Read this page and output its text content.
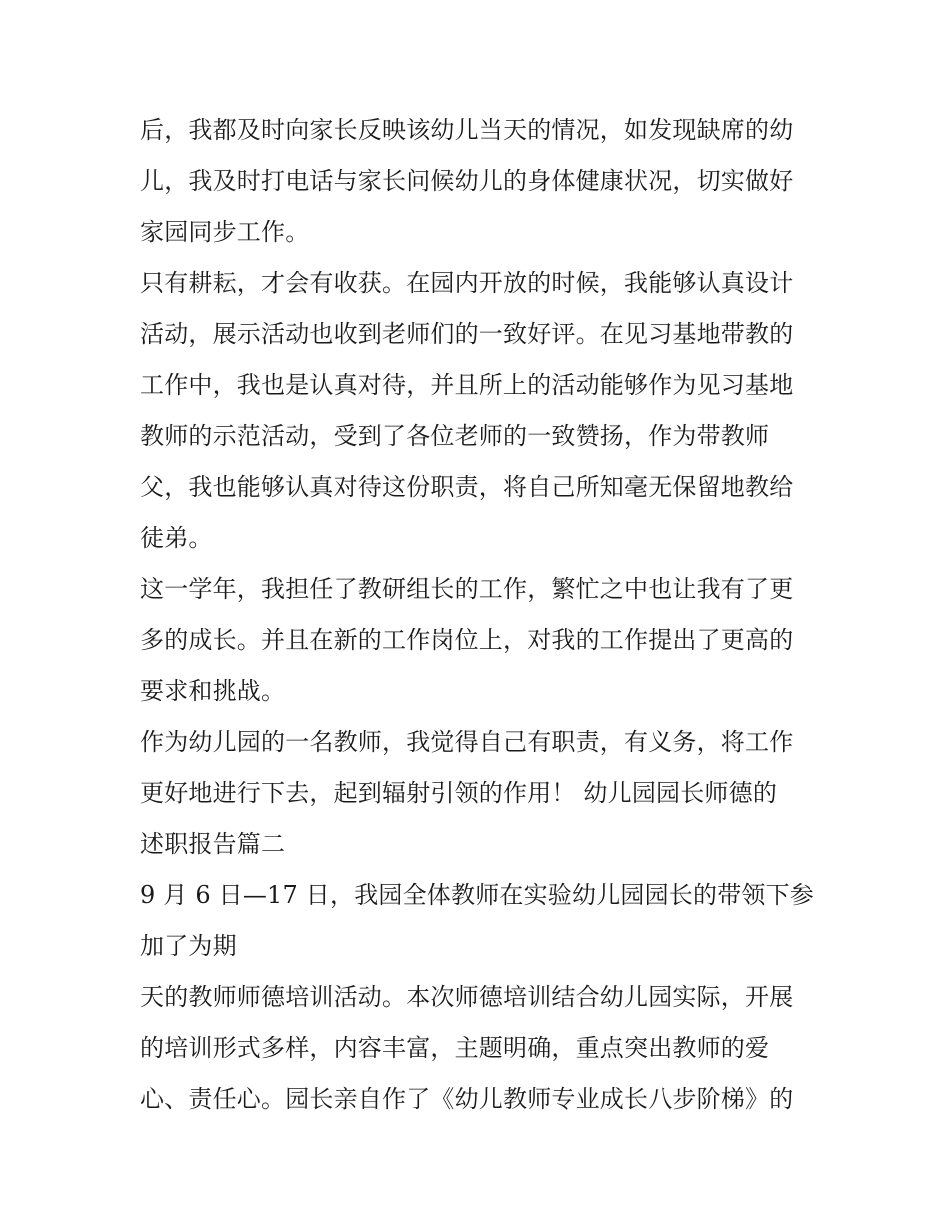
后，我都及时向家长反映该幼儿当天的情况，如发现缺席的幼
儿，我及时打电话与家长问候幼儿的身体健康状况，切实做好
家园同步工作。
只有耕耘，才会有收获。在园内开放的时候，我能够认真设计
活动，展示活动也收到老师们的一致好评。在见习基地带教的
工作中，我也是认真对待，并且所上的活动能够作为见习基地
教师的示范活动，受到了各位老师的一致赞扬，作为带教师
父，我也能够认真对待这份职责，将自己所知毫无保留地教给
徒弟。
这一学年，我担任了教研组长的工作，繁忙之中也让我有了更
多的成长。并且在新的工作岗位上，对我的工作提出了更高的
要求和挑战。
作为幼儿园的一名教师，我觉得自己有职责，有义务，将工作
更好地进行下去，起到辐射引领的作用！ 幼儿园园长师德的
述职报告篇二
9 月 6 日—17 日，我园全体教师在实验幼儿园园长的带领下参
加了为期
天的教师师德培训活动。本次师德培训结合幼儿园实际，开展
的培训形式多样，内容丰富，主题明确，重点突出教师的爱
心、责任心。园长亲自作了《幼儿教师专业成长八步阶梯》的
